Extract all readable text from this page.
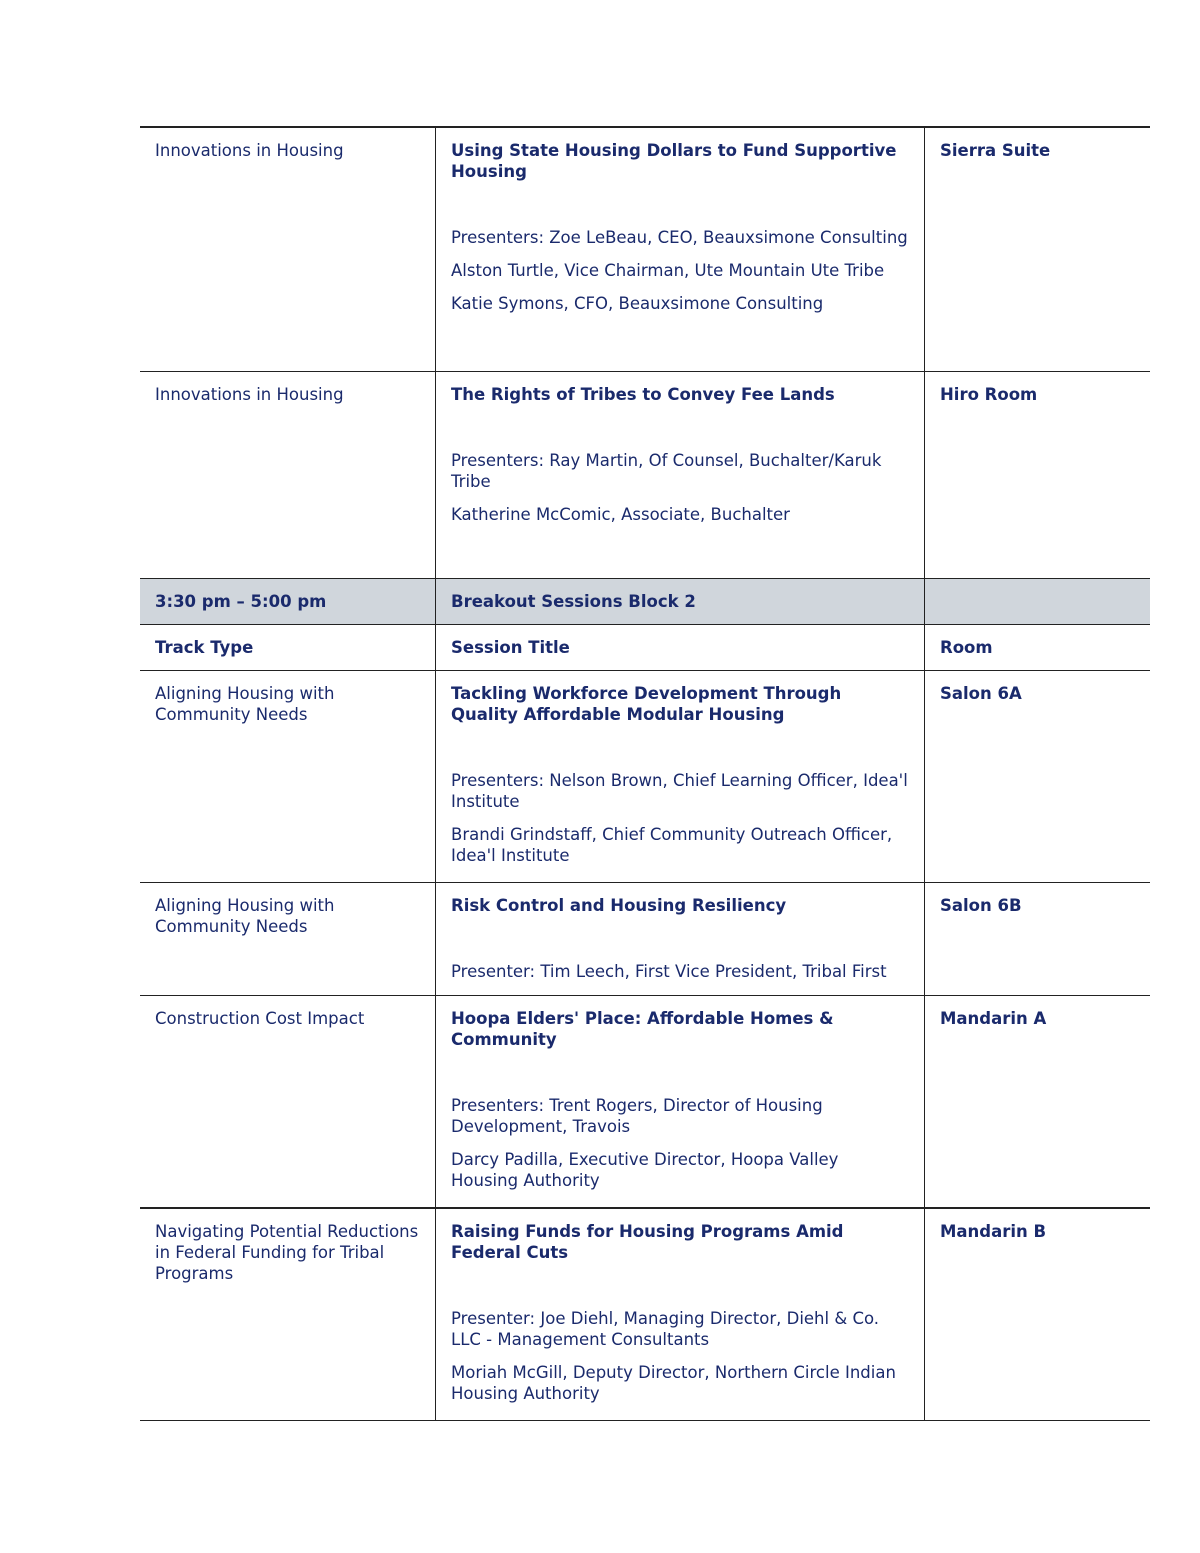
Innovations in Housing	Using State Housing Dollars to Fund Supportive Housing

Presenters: Zoe LeBeau, CEO, Beauxsimone Consulting

Alston Turtle, Vice Chairman, Ute Mountain Ute Tribe

Katie Symons, CFO, Beauxsimone Consulting	Sierra Suite
Innovations in Housing	The Rights of Tribes to Convey Fee Lands

Presenters: Ray Martin, Of Counsel, Buchalter/Karuk Tribe

Katherine McComic, Associate, Buchalter	Hiro Room
3:30 pm – 5:00 pm	Breakout Sessions Block 2	
Track Type	Session Title	Room
Aligning Housing with Community Needs	Tackling Workforce Development Through Quality Affordable Modular Housing

Presenters: Nelson Brown, Chief Learning Officer, Idea'l Institute

Brandi Grindstaff, Chief Community Outreach Officer, Idea'l Institute	Salon 6A
Aligning Housing with Community Needs	Risk Control and Housing Resiliency

Presenter: Tim Leech, First Vice President, Tribal First	Salon 6B
Construction Cost Impact	Hoopa Elders' Place: Affordable Homes & Community

Presenters: Trent Rogers, Director of Housing Development, Travois

Darcy Padilla, Executive Director, Hoopa Valley Housing Authority	Mandarin A
Navigating Potential Reductions in Federal Funding for Tribal Programs	Raising Funds for Housing Programs Amid Federal Cuts

Presenter: Joe Diehl, Managing Director, Diehl & Co. LLC - Management Consultants

Moriah McGill, Deputy Director, Northern Circle Indian Housing Authority	Mandarin B
